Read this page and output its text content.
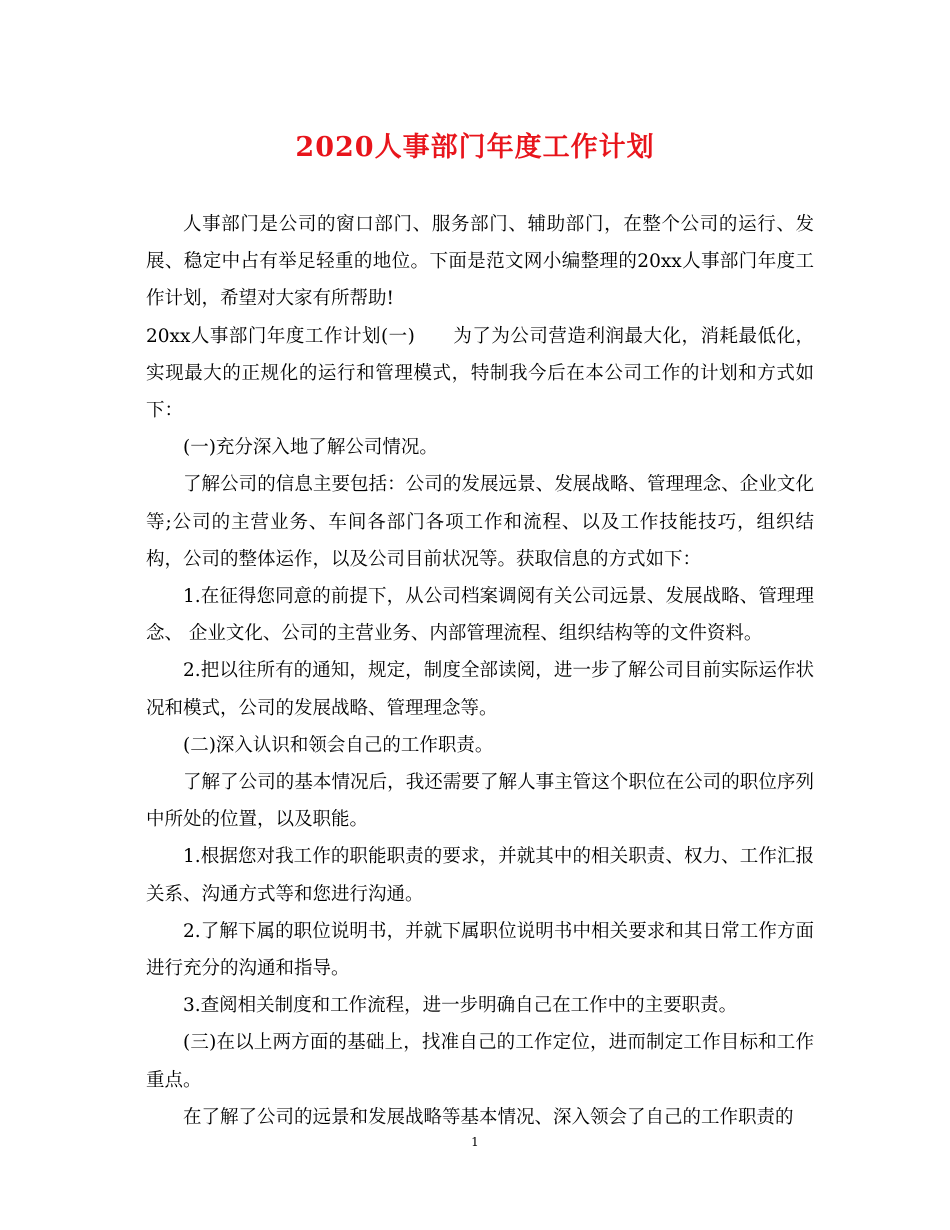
2020人事部门年度工作计划

人事部门是公司的窗口部门、服务部门、辅助部门，在整个公司的运行、发展、稳定中占有举足轻重的地位。下面是范文网小编整理的20xx人事部门年度工作计划，希望对大家有所帮助!

20xx人事部门年度工作计划(一)　　为了为公司营造利润最大化，消耗最低化，实现最大的正规化的运行和管理模式，特制我今后在本公司工作的计划和方式如下：

(一)充分深入地了解公司情况。

了解公司的信息主要包括：公司的发展远景、发展战略、管理理念、企业文化等;公司的主营业务、车间各部门各项工作和流程、以及工作技能技巧，组织结构，公司的整体运作，以及公司目前状况等。获取信息的方式如下：

1.在征得您同意的前提下，从公司档案调阅有关公司远景、发展战略、管理理念、 企业文化、公司的主营业务、内部管理流程、组织结构等的文件资料。

2.把以往所有的通知，规定，制度全部读阅，进一步了解公司目前实际运作状况和模式，公司的发展战略、管理理念等。

(二)深入认识和领会自己的工作职责。

了解了公司的基本情况后，我还需要了解人事主管这个职位在公司的职位序列中所处的位置，以及职能。

1.根据您对我工作的职能职责的要求，并就其中的相关职责、权力、工作汇报关系、沟通方式等和您进行沟通。

2.了解下属的职位说明书，并就下属职位说明书中相关要求和其日常工作方面进行充分的沟通和指导。

3.查阅相关制度和工作流程，进一步明确自己在工作中的主要职责。

(三)在以上两方面的基础上，找准自己的工作定位，进而制定工作目标和工作重点。

在了解了公司的远景和发展战略等基本情况、深入领会了自己的工作职责的

1
